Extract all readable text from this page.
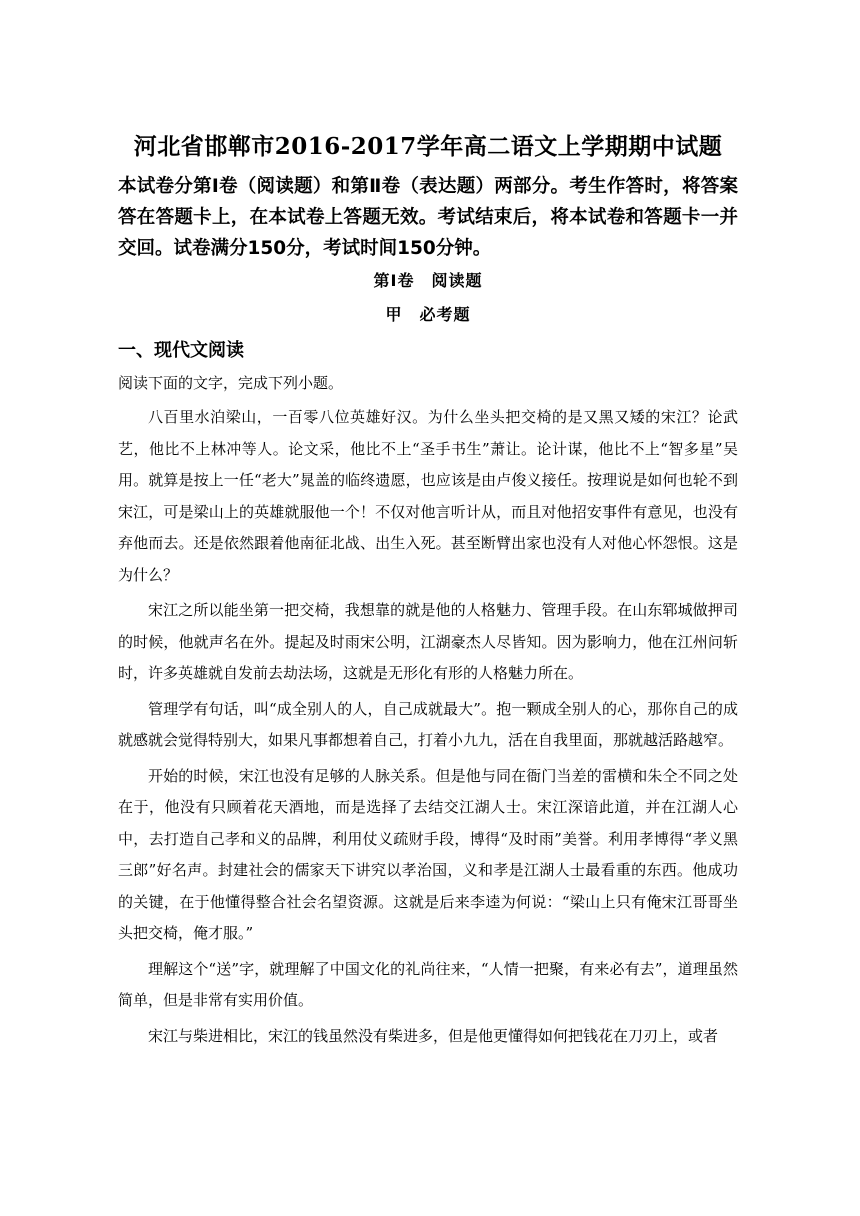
河北省邯郸市2016-2017学年高二语文上学期期中试题

本试卷分第Ⅰ卷（阅读题）和第Ⅱ卷（表达题）两部分。考生作答时，将答案答在答题卡上，在本试卷上答题无效。考试结束后，将本试卷和答题卡一并交回。试卷满分150分，考试时间150分钟。

第Ⅰ卷　阅读题

甲　必考题

一、现代文阅读

阅读下面的文字，完成下列小题。

八百里水泊梁山，一百零八位英雄好汉。为什么坐头把交椅的是又黑又矮的宋江？论武艺，他比不上林冲等人。论文采，他比不上“圣手书生”萧让。论计谋，他比不上“智多星”吴用。就算是按上一任“老大”晁盖的临终遗愿，也应该是由卢俊义接任。按理说是如何也轮不到宋江，可是梁山上的英雄就服他一个！不仅对他言听计从，而且对他招安事件有意见，也没有弃他而去。还是依然跟着他南征北战、出生入死。甚至断臂出家也没有人对他心怀怨恨。这是为什么？

宋江之所以能坐第一把交椅，我想靠的就是他的人格魅力、管理手段。在山东郓城做押司的时候，他就声名在外。提起及时雨宋公明，江湖豪杰人尽皆知。因为影响力，他在江州问斩时，许多英雄就自发前去劫法场，这就是无形化有形的人格魅力所在。

管理学有句话，叫“成全别人的人，自己成就最大”。抱一颗成全别人的心，那你自己的成就感就会觉得特别大，如果凡事都想着自己，打着小九九，活在自我里面，那就越活路越窄。

开始的时候，宋江也没有足够的人脉关系。但是他与同在衙门当差的雷横和朱仝不同之处在于，他没有只顾着花天酒地，而是选择了去结交江湖人士。宋江深谙此道，并在江湖人心中，去打造自己孝和义的品牌，利用仗义疏财手段，博得“及时雨”美誉。利用孝博得“孝义黑三郎”好名声。封建社会的儒家天下讲究以孝治国，义和孝是江湖人士最看重的东西。他成功的关键，在于他懂得整合社会名望资源。这就是后来李逵为何说：“梁山上只有俺宋江哥哥坐头把交椅，俺才服。”

理解这个“送”字，就理解了中国文化的礼尚往来，“人情一把聚，有来必有去”，道理虽然简单，但是非常有实用价值。

宋江与柴进相比，宋江的钱虽然没有柴进多，但是他更懂得如何把钱花在刀刃上，或者
